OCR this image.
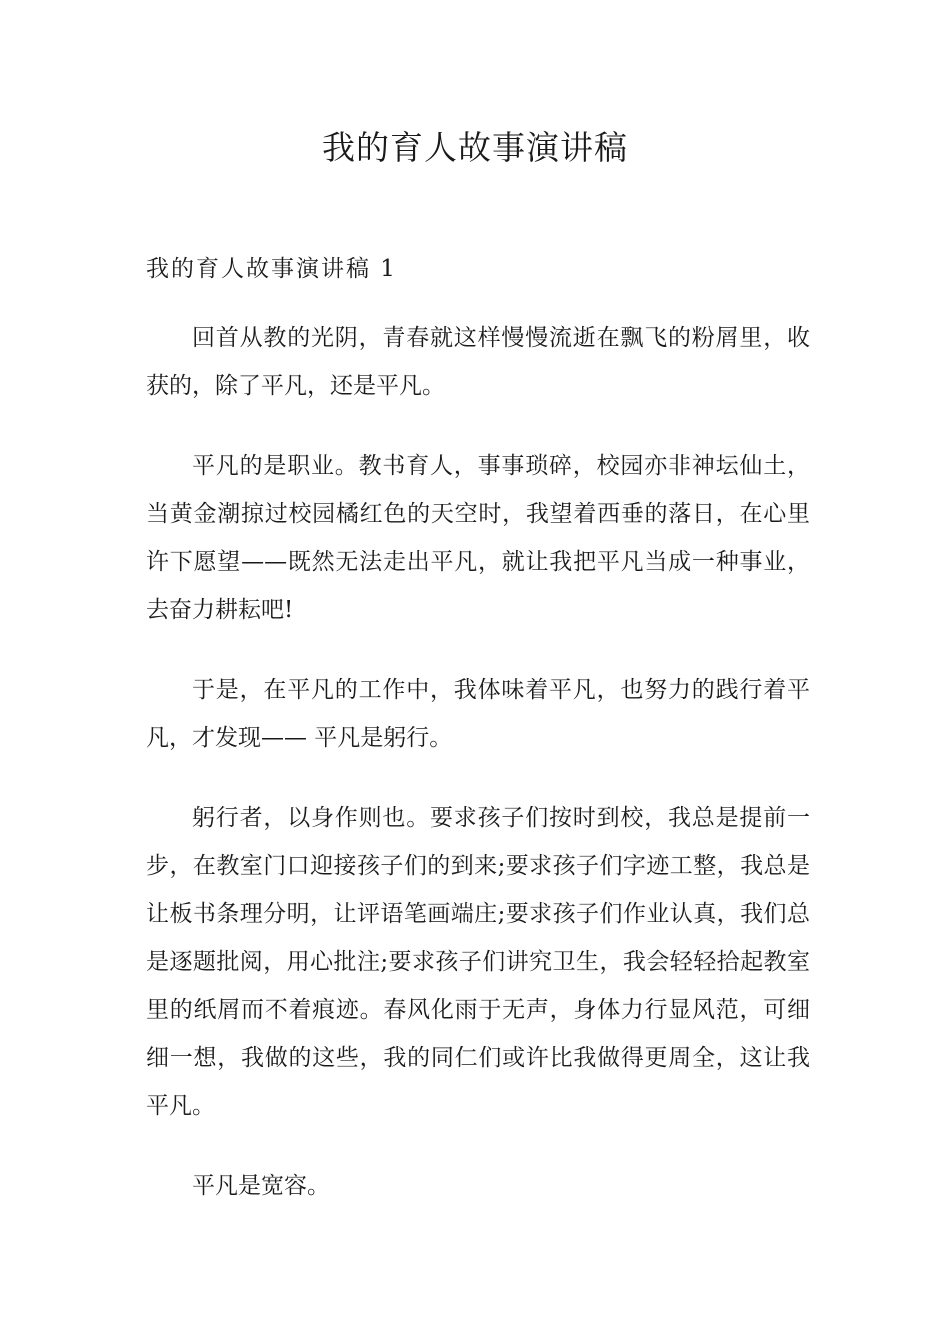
我的育人故事演讲稿
我的育人故事演讲稿 1

回首从教的光阴，青春就这样慢慢流逝在飘飞的粉屑里，收获的，除了平凡，还是平凡。

平凡的是职业。教书育人，事事琐碎，校园亦非神坛仙土，当黄金潮掠过校园橘红色的天空时，我望着西垂的落日，在心里许下愿望——既然无法走出平凡，就让我把平凡当成一种事业，去奋力耕耘吧!

于是，在平凡的工作中，我体味着平凡，也努力的践行着平凡，才发现—— 平凡是躬行。

躬行者，以身作则也。要求孩子们按时到校，我总是提前一步，在教室门口迎接孩子们的到来;要求孩子们字迹工整，我总是让板书条理分明，让评语笔画端庄;要求孩子们作业认真，我们总是逐题批阅，用心批注;要求孩子们讲究卫生，我会轻轻拾起教室里的纸屑而不着痕迹。春风化雨于无声，身体力行显风范，可细细一想，我做的这些，我的同仁们或许比我做得更周全，这让我平凡。

平凡是宽容。
